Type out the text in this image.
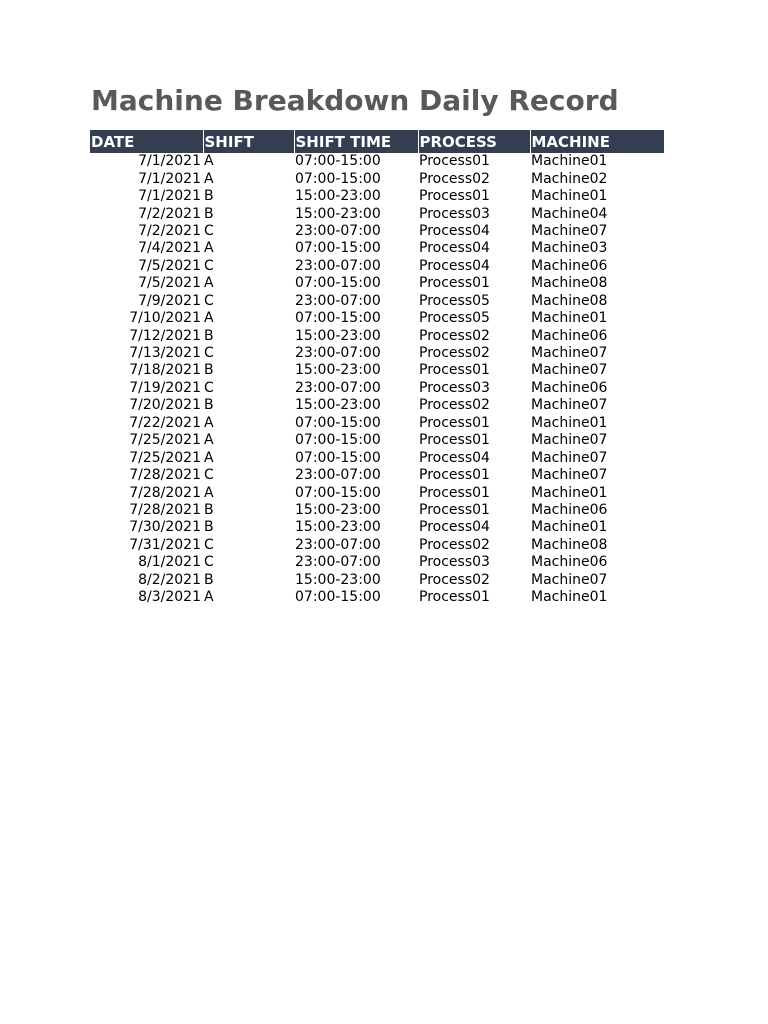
Machine Breakdown Daily Record
DATE	SHIFT	SHIFT TIME	PROCESS	MACHINE
7/1/2021	A	07:00-15:00	Process01	Machine01
7/1/2021	A	07:00-15:00	Process02	Machine02
7/1/2021	B	15:00-23:00	Process01	Machine01
7/2/2021	B	15:00-23:00	Process03	Machine04
7/2/2021	C	23:00-07:00	Process04	Machine07
7/4/2021	A	07:00-15:00	Process04	Machine03
7/5/2021	C	23:00-07:00	Process04	Machine06
7/5/2021	A	07:00-15:00	Process01	Machine08
7/9/2021	C	23:00-07:00	Process05	Machine08
7/10/2021	A	07:00-15:00	Process05	Machine01
7/12/2021	B	15:00-23:00	Process02	Machine06
7/13/2021	C	23:00-07:00	Process02	Machine07
7/18/2021	B	15:00-23:00	Process01	Machine07
7/19/2021	C	23:00-07:00	Process03	Machine06
7/20/2021	B	15:00-23:00	Process02	Machine07
7/22/2021	A	07:00-15:00	Process01	Machine01
7/25/2021	A	07:00-15:00	Process01	Machine07
7/25/2021	A	07:00-15:00	Process04	Machine07
7/28/2021	C	23:00-07:00	Process01	Machine07
7/28/2021	A	07:00-15:00	Process01	Machine01
7/28/2021	B	15:00-23:00	Process01	Machine06
7/30/2021	B	15:00-23:00	Process04	Machine01
7/31/2021	C	23:00-07:00	Process02	Machine08
8/1/2021	C	23:00-07:00	Process03	Machine06
8/2/2021	B	15:00-23:00	Process02	Machine07
8/3/2021	A	07:00-15:00	Process01	Machine01
